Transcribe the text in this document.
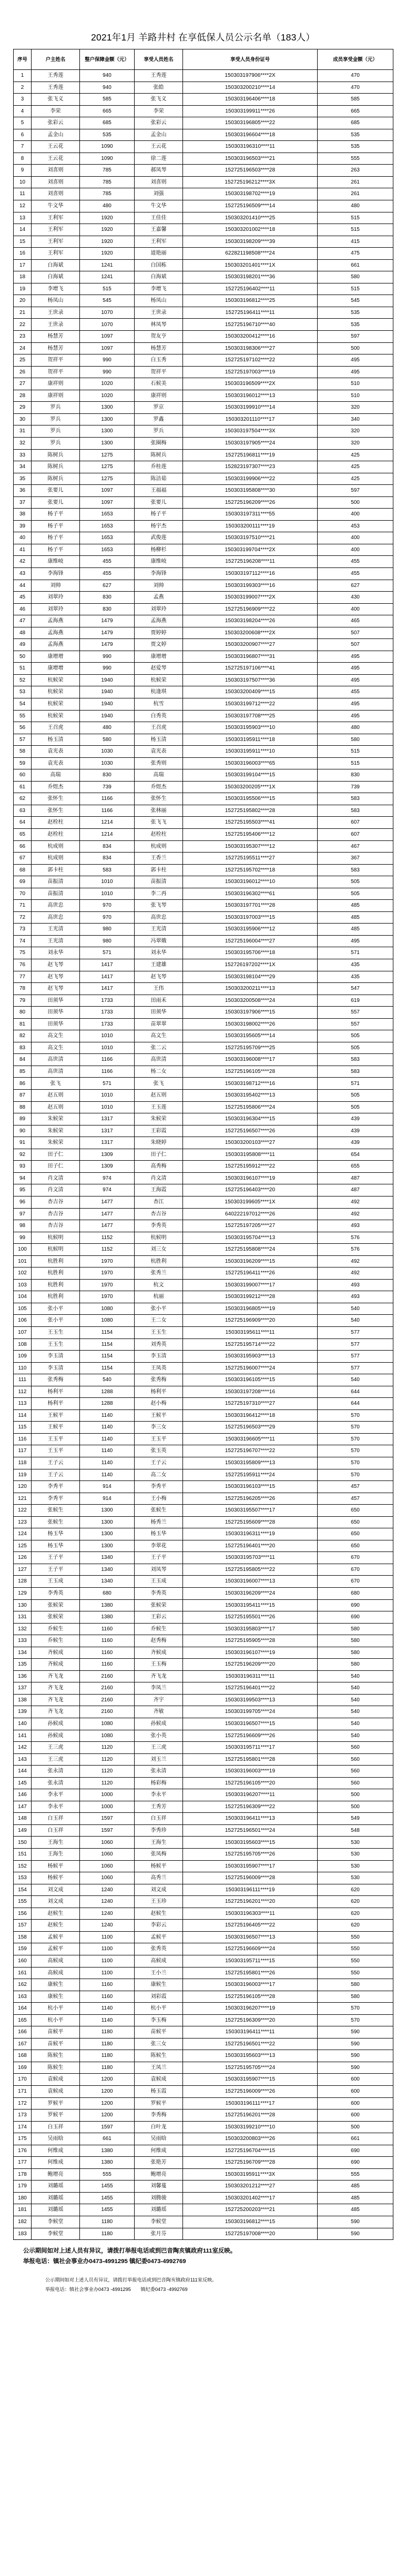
2021年1月 羊路井村 在享低保人员公示名单（183人）
序号	户主姓名	整户保障金额（元）	享受人员姓名	享受人员身份证号	成员享受金额（元）
1	王秀莲	940	王秀莲	150303197906****2X	470
2	王秀莲	940	张皓	150303200210****14	470
3	张飞义	585	张飞义	150303196406****18	585
4	李荣	665	李荣	150303199911****26	665
5	张彩云	685	张彩云	150303196805****22	685
6	孟金山	535	孟金山	150303196604****18	535
7	王云花	1090	王云花	150303196310****11	535
8	王云花	1090	徐二莲	150303196503****21	555
9	刘喜则	785	郝凤琴	152725196503****28	263
10	刘喜则	785	刘喜则	152725196212****3X	261
11	刘喜则	785	刘强	150303198702****19	261
12	牛文华	480	牛文华	152725196509****14	480
13	王利军	1920	王佳佳	150303201410****25	515
14	王利军	1920	王嘉馨	150303201002****18	515
15	王利军	1920	王利军	150303198209****39	415
16	王利军	1920	道艳丽	622821198508****24	475
17	白海斌	1241	白国栋	150303201401****1X	661
18	白海斌	1241	白海斌	150303198201****36	580
19	李增飞	515	李增飞	152725196402****11	515
20	杨凤山	545	杨凤山	150303196812****25	545
21	王世录	1070	王世录	152725196411****11	535
22	王世录	1070	林凤琴	152725196710****40	535
23	杨慧芳	1097	贺友亨	150303200412****16	597
24	杨慧芳	1097	杨慧芳	150303198306****27	500
25	贺祥平	990	白玉秀	152725197102****22	495
26	贺祥平	990	贺祥平	152725197003****19	495
27	康祥则	1020	石候美	150303196509****2X	510
28	康祥则	1020	康祥则	150303196012****13	510
29	罗兵	1300	罗京	150303199910****14	320
30	罗兵	1300	罗鑫	150303201110****17	340
31	罗兵	1300	罗兵	150303197504****3X	320
32	罗兵	1300	张圈梅	150303197905****24	320
33	陈树兵	1275	陈树兵	152725196811****19	425
34	陈树兵	1275	乔桂莲	152823197307****23	425
35	陈树兵	1275	陈洁茹	150303199906****22	425
36	张要儿	1097	王福福	150303195808****30	597
37	张要儿	1097	张要儿	152725196209****26	500
38	杨子平	1653	杨子平	150303197311****55	400
39	杨子平	1653	杨宇杰	150303200111****19	453
40	杨子平	1653	武俊莲	150303197510****21	400
41	杨子平	1653	杨柳杉	150303199704****2X	400
42	康维岐	455	康维岐	152725196208****11	455
43	李海锋	455	李海锋	150303197112****16	455
44	刘帅	627	刘帅	150303199303****16	627
45	刘翠玲	830	孟燕	150303199007****2X	430
46	刘翠玲	830	刘翠玲	152725196909****22	400
47	孟海燕	1479	孟海燕	150303198204****26	465
48	孟海燕	1479	贾婷婷	150303200608****2X	507
49	孟海燕	1479	贾文婷	150303200907****27	507
50	康增增	990	康增增	150303196807****31	495
51	康增增	990	赵爱琴	152725197106****41	495
52	杭候荣	1940	杭候荣	150303197507****36	495
53	杭候荣	1940	杭逢琪	150303200409****15	455
54	杭候荣	1940	杭雪	150303199712****22	495
55	杭候荣	1940	白秀英	150303197708****25	495
56	王召虎	480	王召虎	150303195903****10	480
57	杨玉清	580	杨玉清	150303195911****18	580
58	袁光表	1030	袁光表	150303195911****10	515
59	袁光表	1030	张秀则	150303196003****65	515
60	高瑞	830	高瑞	150303199104****15	830
61	乔煜杰	739	乔煜杰	150303200205****1X	739
62	张怀生	1166	张怀生	150303195506****15	583
63	张怀生	1166	张林丽	152725195802****28	583
64	赵栓柱	1214	张飞飞	152725195503****41	607
65	赵栓柱	1214	赵栓柱	152725195406****12	607
66	杭成则	834	杭成则	150303195307****12	467
67	杭成则	834	王香兰	152725195511****27	367
68	郭卡柱	583	郭卡柱	152725195702****18	583
69	苗振清	1010	苗振清	150303196012****10	505
70	苗振清	1010	李二再	150303196302****61	505
71	高世忠	970	张飞琴	150303197701****28	485
72	高世忠	970	高世忠	150303197003****15	485
73	王光清	980	王光清	150303195906****12	485
74	王光清	980	冯翠娥	152725196004****27	495
75	刘永华	571	刘永华	150303195706****18	571
76	赵飞琴	1417	王建雄	152726197202****1X	435
77	赵飞琴	1417	赵飞琴	150303198104****29	435
78	赵飞琴	1417	王伟	150303200211****13	547
79	田须华	1733	田雨禾	150303200508****24	619
80	田须华	1733	田须华	150303197906****15	557
81	田须华	1733	苗翠翠	150303198002****26	557
82	高文生	1010	高文生	150303195605****14	505
83	高文生	1010	张二云	152725195709****25	505
84	高世清	1166	高世清	150303196008****17	583
85	高世清	1166	杨二女	152725196105****28	583
86	张飞	571	张飞	150303198712****16	571
87	赵五则	1010	赵五则	150303195402****13	505
88	赵五则	1010	王玉莲	152725195806****24	505
89	朱候荣	1317	朱候荣	150303196304****15	439
90	朱候荣	1317	王彩霞	152725196507****26	439
91	朱候荣	1317	朱晓婷	150303200103****27	439
92	田子仁	1309	田子仁	150303195808****11	654
93	田子仁	1309	高秀梅	152725195912****22	655
94	肖文清	974	肖文清	150303196107****19	487
95	肖文清	974	王海霞	152725196403****20	487
96	杏吉谷	1477	杏江	150303199605****1X	492
97	杏吉谷	1477	杏吉谷	640222197012****26	492
98	杏吉谷	1477	李秀英	152725197205****27	493
99	杭候明	1152	杭候明	150303195704****13	576
100	杭候明	1152	刘三女	152725195808****24	576
101	杭胜利	1970	杭胜利	150303196209****15	492
102	杭胜利	1970	张秀兰	152725196411****26	492
103	杭胜利	1970	杭文	150303199007****17	493
104	杭胜利	1970	杭丽	150303199212****28	493
105	张小平	1080	张小平	150303196805****19	540
106	张小平	1080	王二女	152725196909****20	540
107	王玉生	1154	王玉生	150303195611****11	577
108	王玉生	1154	刘秀英	152725195714****22	577
109	李玉清	1154	李玉清	150303195903****13	577
110	李玉清	1154	王凤英	152725196007****24	577
111	张秀梅	540	张秀梅	150303196105****15	540
112	杨利平	1288	杨利平	150303197208****16	644
113	杨利平	1288	赵小梅	152725197310****27	644
114	王候平	1140	王候平	150303196412****18	570
115	王候平	1140	李三女	152725196503****29	570
116	王玉平	1140	王玉平	150303196605****11	570
117	王玉平	1140	张玉英	152725196707****22	570
118	王子云	1140	王子云	150303195809****13	570
119	王子云	1140	高二女	152725195911****24	570
120	李秀平	914	李秀平	150303196103****15	457
121	李秀平	914	王小梅	152725196205****26	457
122	张候生	1300	张候生	150303195507****17	650
123	张候生	1300	杨秀兰	152725195609****28	650
124	杨玉华	1300	杨玉华	150303196311****19	650
125	杨玉华	1300	李翠花	152725196401****20	650
126	王子平	1340	王子平	150303195703****11	670
127	王子平	1340	刘凤琴	152725195805****22	670
128	王玉成	1340	王玉成	150303196007****13	670
129	李秀英	680	李秀英	150303196209****24	680
130	张候荣	1380	张候荣	150303195411****15	690
131	张候荣	1380	王彩云	152725195501****26	690
132	乔候生	1160	乔候生	150303195803****17	580
133	乔候生	1160	赵秀梅	152725195905****28	580
134	齐候成	1160	齐候成	150303196107****19	580
135	齐候成	1160	王玉梅	152725196209****20	580
136	齐飞龙	2160	齐飞龙	150303196311****11	540
137	齐飞龙	2160	李凤兰	152725196401****22	540
138	齐飞龙	2160	齐宇	150303199503****13	540
139	齐飞龙	2160	齐敏	150303199705****24	540
140	孙候成	1080	孙候成	150303196507****15	540
141	孙候成	1080	张小英	152725196609****26	540
142	王三虎	1120	王三虎	150303195711****17	560
143	王三虎	1120	刘玉兰	152725195801****28	560
144	张永清	1120	张永清	150303196003****19	560
145	张永清	1120	杨彩梅	152725196105****20	560
146	李永平	1000	李永平	150303196207****11	500
147	李永平	1000	王秀芳	152725196309****22	500
148	白玉祥	1597	白玉祥	150303196411****13	549
149	白玉祥	1597	李秀珍	152725196501****24	548
150	王海生	1060	王海生	150303195603****15	530
151	王海生	1060	张凤梅	152725195705****26	530
152	杨候平	1060	杨候平	150303195907****17	530
153	杨候平	1060	高秀兰	152725196009****28	530
154	刘文成	1240	刘文成	150303196111****19	620
155	刘文成	1240	王玉珍	152725196201****20	620
156	赵候生	1240	赵候生	150303196303****11	620
157	赵候生	1240	李彩云	152725196405****22	620
158	孟候平	1100	孟候平	150303196507****13	550
159	孟候平	1100	张秀英	152725196609****24	550
160	高候成	1100	高候成	150303195711****15	550
161	高候成	1100	王小兰	152725195801****26	550
162	康候生	1160	康候生	150303196003****17	580
163	康候生	1160	刘彩霞	152725196105****28	580
164	杭小平	1140	杭小平	150303196207****19	570
165	杭小平	1140	李玉梅	152725196309****20	570
166	苗候平	1180	苗候平	150303196411****11	590
167	苗候平	1180	张三女	152725196501****22	590
168	陈候生	1180	陈候生	150303195603****13	590
169	陈候生	1180	王凤兰	152725195705****24	590
170	袁候成	1200	袁候成	150303195907****15	600
171	袁候成	1200	杨玉霞	152725196009****26	600
172	罗候平	1200	罗候平	150303196111****17	600
173	罗候平	1200	李秀梅	152725196201****28	600
174	白玉祥	1597	白叶龙	150303199210****10	500
175	吴雨晗	661	吴雨晗	150303200803****26	661
176	何维成	1380	何维成	152725196704****15	690
177	何维成	1380	张艳芳	152725196709****28	690
178	鲍增亮	555	鲍增亮	150303195911****3X	555
179	刘璐瑶	1455	刘馨蔓	150303201212****27	485
180	刘璐瑶	1455	刘腾骏	150303201402****17	485
181	刘璐瑶	1455	刘璐瑶	152725200203****21	485
182	李候堂	1180	李候堂	150303196812****15	590
183	李候堂	1180	张月芬	152725197008****20	590
公示期间如对上述人员有异议，请拨打举报电话或到巴音陶亥镇政府111室反映。
举报电话：镇社会事业办0473-4991295 镇纪委0473-4992769
公示期间如对上述人员有异议，请拨打举报电话或到巴音陶亥镇政府111室反映。
举报电话：镇社会事业办0473 -4991295　　镇纪委0473 -4992769
